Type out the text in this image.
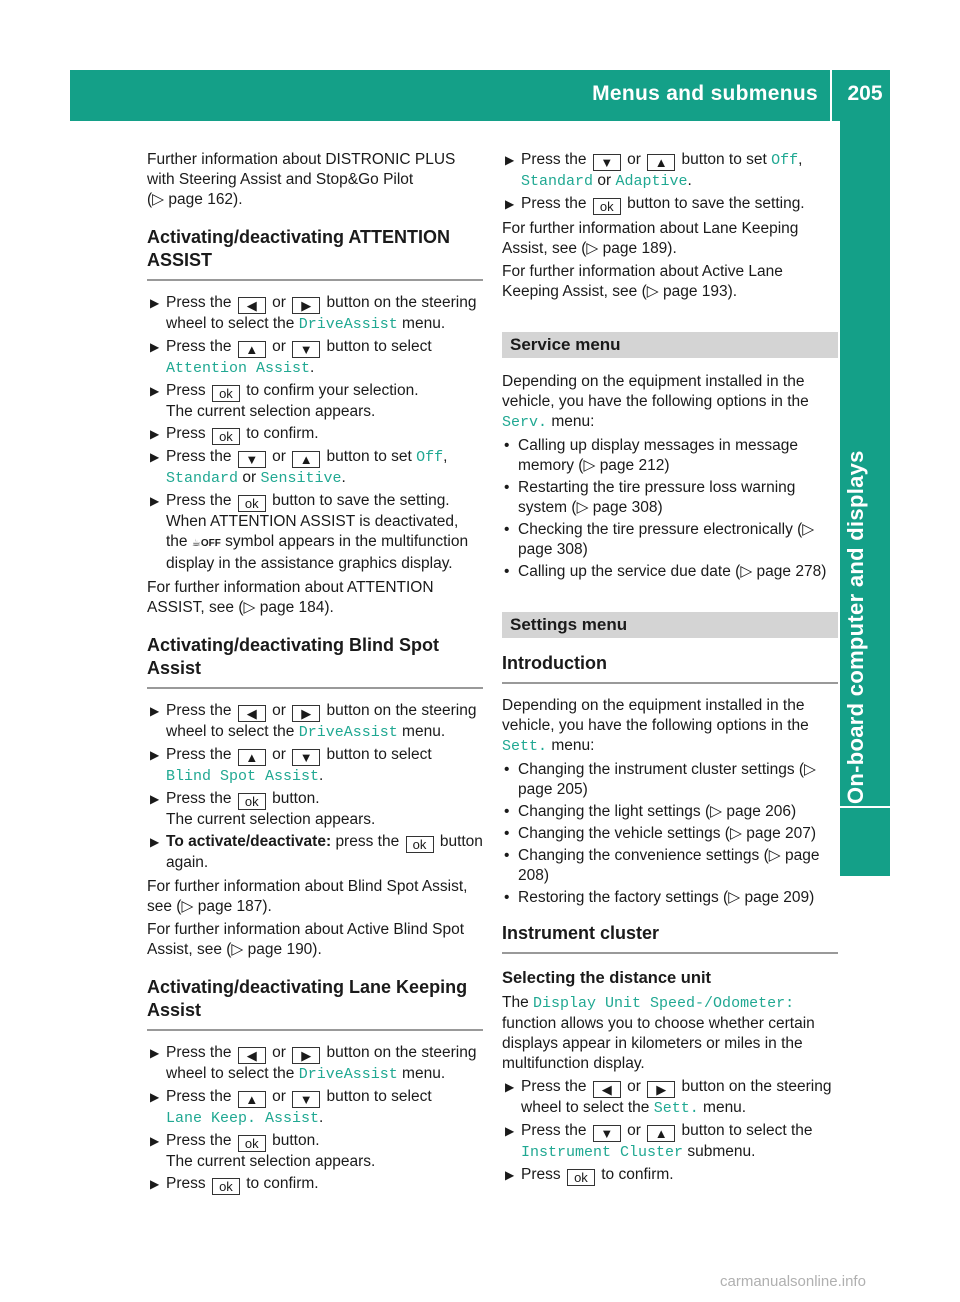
Menus and submenus	205
On-board computer and displays

Further information about DISTRONIC PLUS with Steering Assist and Stop&Go Pilot
(▷ page 162).

Activating/deactivating ATTENTION ASSIST
▶ Press the ◀ or ▶ button on the steering wheel to select the DriveAssist menu.
▶ Press the ▲ or ▼ button to select
Attention Assist.
▶ Press ok to confirm your selection.
The current selection appears.
▶ Press ok to confirm.
▶ Press the ▼ or ▲ button to set Off,
Standard or Sensitive.
▶ Press the ok button to save the setting.
When ATTENTION ASSIST is deactivated, the ☕OFF symbol appears in the multifunction display in the assistance graphics display.

For further information about ATTENTION ASSIST, see (▷ page 184).

Activating/deactivating Blind Spot Assist
▶ Press the ◀ or ▶ button on the steering wheel to select the DriveAssist menu.
▶ Press the ▲ or ▼ button to select
Blind Spot Assist.
▶ Press the ok button.
The current selection appears.
▶ To activate/deactivate: press the ok button again.

For further information about Blind Spot Assist, see (▷ page 187).

For further information about Active Blind Spot Assist, see (▷ page 190).

Activating/deactivating Lane Keeping Assist
▶ Press the ◀ or ▶ button on the steering wheel to select the DriveAssist menu.
▶ Press the ▲ or ▼ button to select
Lane Keep. Assist.
▶ Press the ok button.
The current selection appears.
▶ Press ok to confirm.
▶ Press the ▼ or ▲ button to set Off,
Standard or Adaptive.
▶ Press the ok button to save the setting.

For further information about Lane Keeping Assist, see (▷ page 189).

For further information about Active Lane Keeping Assist, see (▷ page 193).

Service menu

Depending on the equipment installed in the vehicle, you have the following options in the
Serv. menu:

• Calling up display messages in message memory (▷ page 212)
• Restarting the tire pressure loss warning system (▷ page 308)
• Checking the tire pressure electronically (▷ page 308)
• Calling up the service due date (▷ page 278)
Settings menu
Introduction

Depending on the equipment installed in the vehicle, you have the following options in the
Sett. menu:

• Changing the instrument cluster settings (▷ page 205)
• Changing the light settings (▷ page 206)
• Changing the vehicle settings (▷ page 207)
• Changing the convenience settings (▷ page 208)
• Restoring the factory settings (▷ page 209)
Instrument cluster
Selecting the distance unit

The Display Unit Speed-/Odometer: function allows you to choose whether certain displays appear in kilometers or miles in the multifunction display.

▶ Press the ◀ or ▶ button on the steering wheel to select the Sett. menu.
▶ Press the ▼ or ▲ button to select the
Instrument Cluster submenu.
▶ Press ok to confirm.
carmanualsonline.info
